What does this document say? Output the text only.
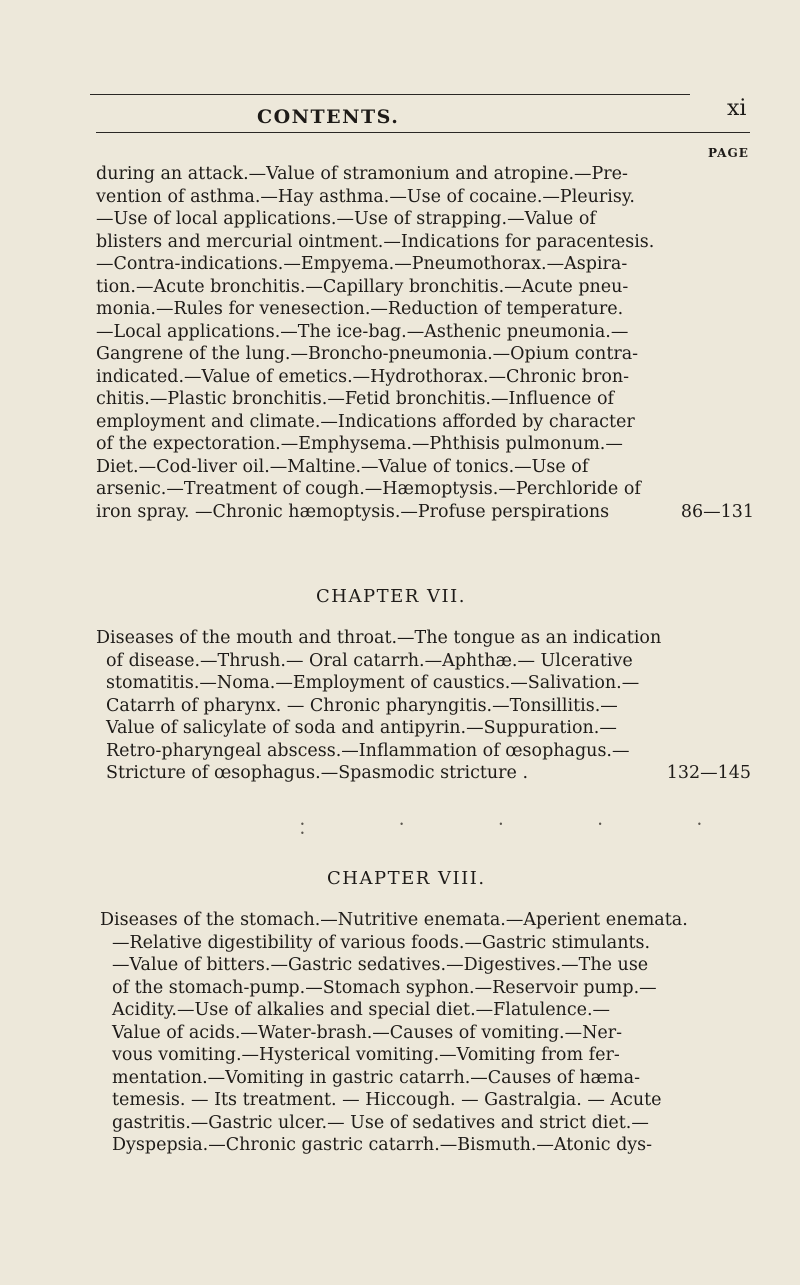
CONTENTS.	xi
PAGE
during an attack.—Value of stramonium and atropine.—Pre-
vention of asthma.—Hay asthma.—Use of cocaine.—Pleurisy.
—Use of local applications.—Use of strapping.—Value of
blisters and mercurial ointment.—Indications for paracentesis.
—Contra-indications.—Empyema.—Pneumothorax.—Aspira-
tion.—Acute bronchitis.—Capillary bronchitis.—Acute pneu-
monia.—Rules for venesection.—Reduction of temperature.
—Local applications.—The ice-bag.—Asthenic pneumonia.—
Gangrene of the lung.—Broncho-pneumonia.—Opium contra-
indicated.—Value of emetics.—Hydrothorax.—Chronic bron-
chitis.—Plastic bronchitis.—Fetid bronchitis.—Influence of
employment and climate.—Indications afforded by character
of the expectoration.—Emphysema.—Phthisis pulmonum.—
Diet.—Cod-liver oil.—Maltine.—Value of tonics.—Use of
arsenic.—Treatment of cough.—Hæmoptysis.—Perchloride of
iron spray. —Chronic hæmoptysis.—Profuse perspirations	86—131
CHAPTER VII.
Diseases of the mouth and throat.—The tongue as an indication
of disease.—Thrush.— Oral catarrh.—Aphthæ.— Ulcerative
stomatitis.—Noma.—Employment of caustics.—Salivation.—
Catarrh of pharynx. — Chronic pharyngitis.—Tonsillitis.—
Value of salicylate of soda and antipyrin.—Suppuration.—
Retro-pharyngeal abscess.—Inflammation of œsophagus.—
Stricture of œsophagus.—Spasmodic stricture .	132—145
• • • • • •
CHAPTER VIII.
Diseases of the stomach.—Nutritive enemata.—Aperient enemata.
—Relative digestibility of various foods.—Gastric stimulants.
—Value of bitters.—Gastric sedatives.—Digestives.—The use
of the stomach-pump.—Stomach syphon.—Reservoir pump.—
Acidity.—Use of alkalies and special diet.—Flatulence.—
Value of acids.—Water-brash.—Causes of vomiting.—Ner-
vous vomiting.—Hysterical vomiting.—Vomiting from fer-
mentation.—Vomiting in gastric catarrh.—Causes of hæma-
temesis. — Its treatment. — Hiccough. — Gastralgia. — Acute
gastritis.—Gastric ulcer.— Use of sedatives and strict diet.—
Dyspepsia.—Chronic gastric catarrh.—Bismuth.—Atonic dys-
